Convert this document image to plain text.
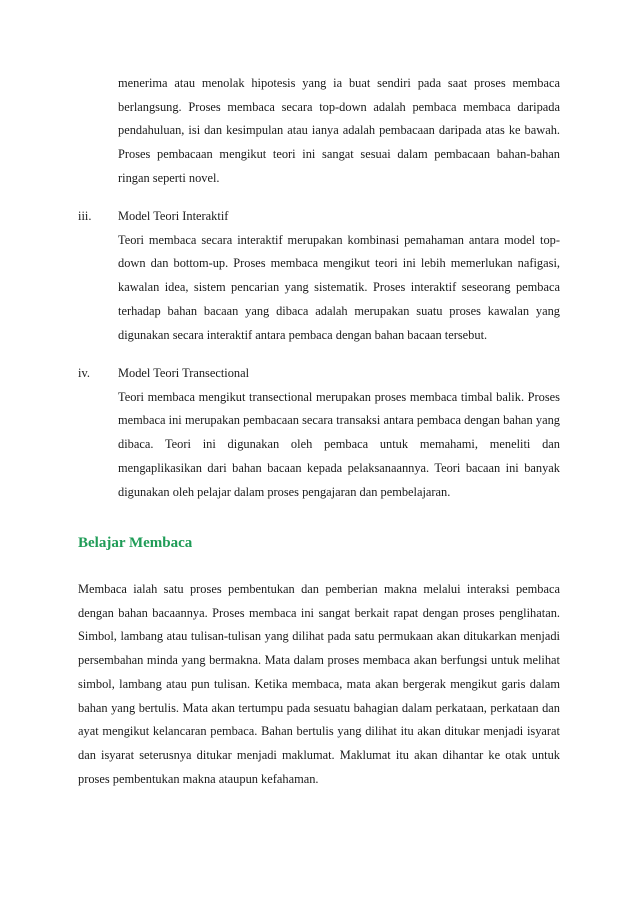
menerima atau menolak hipotesis yang ia buat sendiri pada saat proses membaca berlangsung. Proses membaca secara top-down adalah pembaca membaca daripada pendahuluan, isi dan kesimpulan atau ianya adalah pembacaan daripada atas ke bawah. Proses pembacaan mengikut teori ini sangat sesuai dalam pembacaan bahan-bahan ringan seperti novel.

iii.	Model Teori Interaktif

Teori membaca secara interaktif merupakan kombinasi pemahaman antara model top-down dan bottom-up. Proses membaca mengikut teori ini lebih memerlukan nafigasi, kawalan idea, sistem pencarian yang sistematik. Proses interaktif seseorang pembaca terhadap bahan bacaan yang dibaca adalah merupakan suatu proses kawalan yang digunakan secara interaktif antara pembaca dengan bahan bacaan tersebut.

iv.	Model Teori Transectional

Teori membaca mengikut transectional merupakan proses membaca timbal balik. Proses membaca ini merupakan pembacaan secara transaksi antara pembaca dengan bahan yang dibaca. Teori ini digunakan oleh pembaca untuk memahami, meneliti dan mengaplikasikan dari bahan bacaan kepada pelaksanaannya. Teori bacaan ini banyak digunakan oleh pelajar dalam proses pengajaran dan pembelajaran.

Belajar Membaca

Membaca ialah satu proses pembentukan dan pemberian makna melalui interaksi pembaca dengan bahan bacaannya. Proses membaca ini sangat berkait rapat dengan proses penglihatan. Simbol, lambang atau tulisan-tulisan yang dilihat pada satu permukaan akan ditukarkan menjadi persembahan minda yang bermakna. Mata dalam proses membaca akan berfungsi untuk melihat simbol, lambang atau pun tulisan. Ketika membaca, mata akan bergerak mengikut garis dalam bahan yang bertulis. Mata akan tertumpu pada sesuatu bahagian dalam perkataan, perkataan dan ayat mengikut kelancaran pembaca. Bahan bertulis yang dilihat itu akan ditukar menjadi isyarat dan isyarat seterusnya ditukar menjadi maklumat. Maklumat itu akan dihantar ke otak untuk proses pembentukan makna ataupun kefahaman.
